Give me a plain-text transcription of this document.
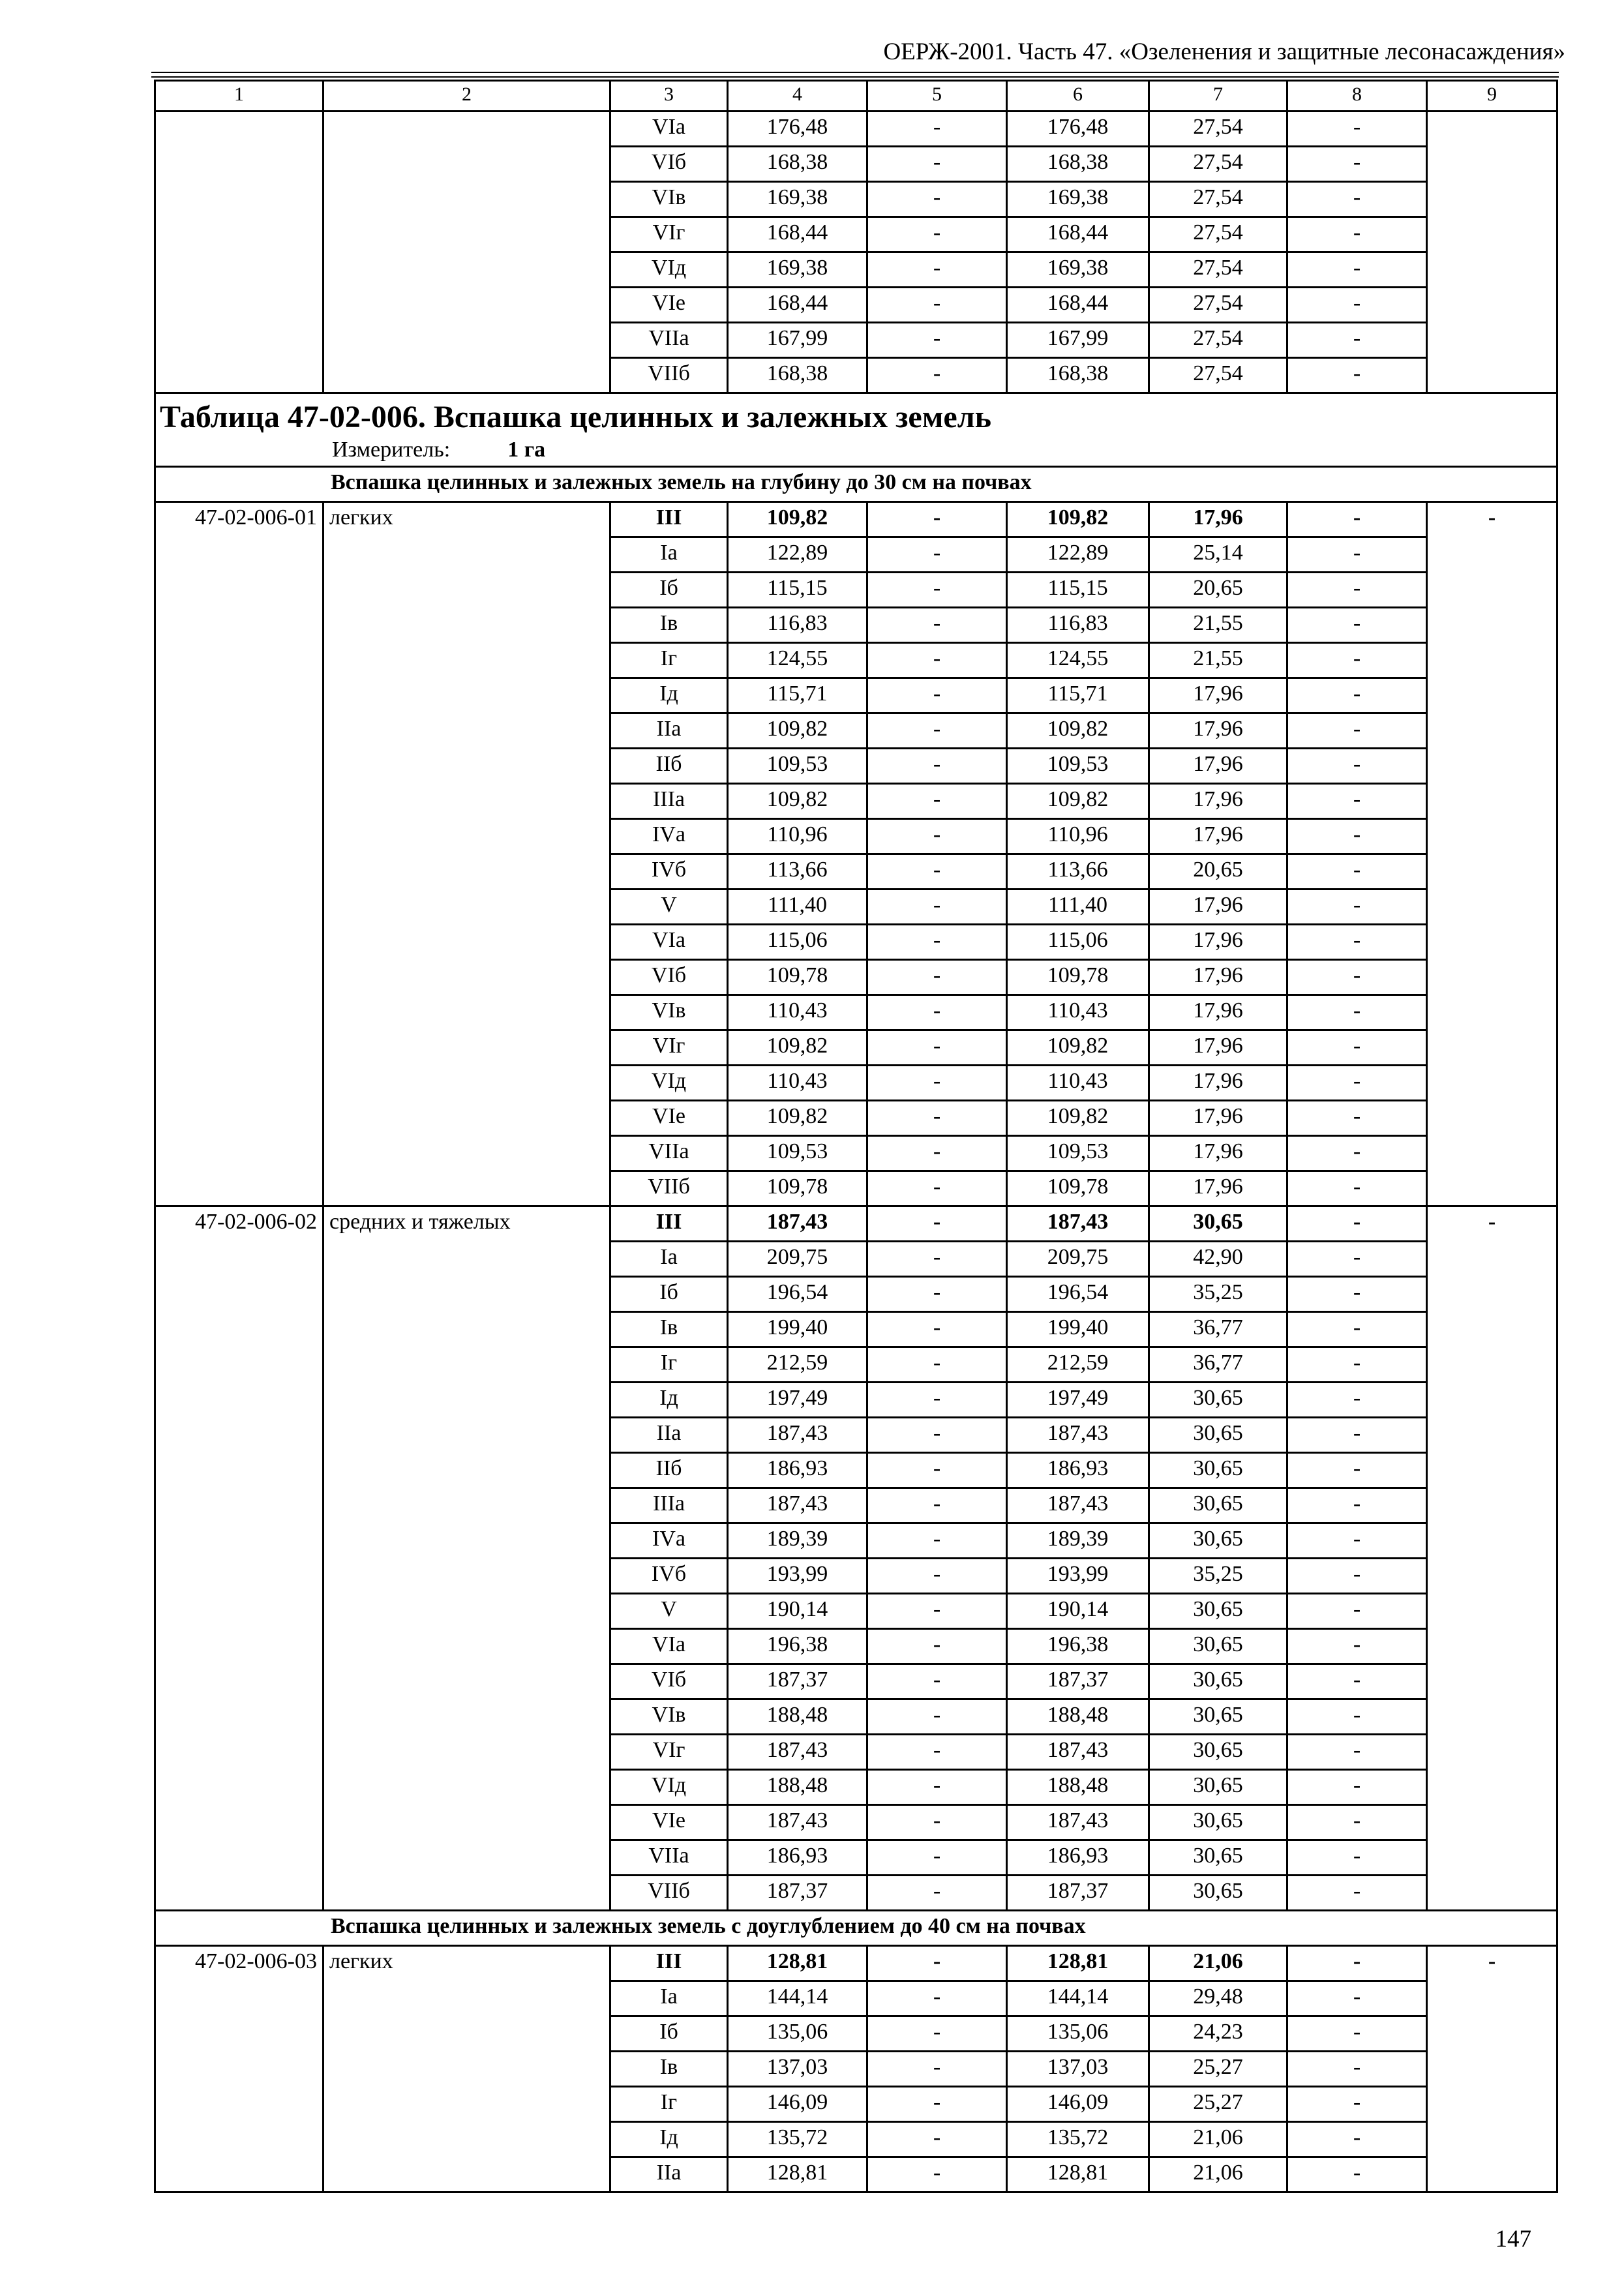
ОЕРЖ-2001. Часть 47. «Озеленения и защитные лесонасаждения»
1	2	3	4	5	6	7	8	9
		VIа	176,48	-	176,48	27,54	-	
		VIб	168,38	-	168,38	27,54	-	
		VIв	169,38	-	169,38	27,54	-	
		VIг	168,44	-	168,44	27,54	-	
		VIд	169,38	-	169,38	27,54	-	
		VIе	168,44	-	168,44	27,54	-	
		VIIа	167,99	-	167,99	27,54	-	
		VIIб	168,38	-	168,38	27,54	-	

Таблица 47-02-006. Вспашка целинных и залежных земель
Измеритель: 1 га								

Вспашка целинных и залежных земель на глубину до 30 см на почвах								
47-02-006-01	легких	III	109,82	-	109,82	17,96	-	-
		Iа	122,89	-	122,89	25,14	-	
		Iб	115,15	-	115,15	20,65	-	
		Iв	116,83	-	116,83	21,55	-	
		Iг	124,55	-	124,55	21,55	-	
		Iд	115,71	-	115,71	17,96	-	
		IIа	109,82	-	109,82	17,96	-	
		IIб	109,53	-	109,53	17,96	-	
		IIIа	109,82	-	109,82	17,96	-	
		IVа	110,96	-	110,96	17,96	-	
		IVб	113,66	-	113,66	20,65	-	
		V	111,40	-	111,40	17,96	-	
		VIа	115,06	-	115,06	17,96	-	
		VIб	109,78	-	109,78	17,96	-	
		VIв	110,43	-	110,43	17,96	-	
		VIг	109,82	-	109,82	17,96	-	
		VIд	110,43	-	110,43	17,96	-	
		VIе	109,82	-	109,82	17,96	-	
		VIIа	109,53	-	109,53	17,96	-	
		VIIб	109,78	-	109,78	17,96	-	
47-02-006-02	средних и тяжелых	III	187,43	-	187,43	30,65	-	-
		Iа	209,75	-	209,75	42,90	-	
		Iб	196,54	-	196,54	35,25	-	
		Iв	199,40	-	199,40	36,77	-	
		Iг	212,59	-	212,59	36,77	-	
		Iд	197,49	-	197,49	30,65	-	
		IIа	187,43	-	187,43	30,65	-	
		IIб	186,93	-	186,93	30,65	-	
		IIIа	187,43	-	187,43	30,65	-	
		IVа	189,39	-	189,39	30,65	-	
		IVб	193,99	-	193,99	35,25	-	
		V	190,14	-	190,14	30,65	-	
		VIа	196,38	-	196,38	30,65	-	
		VIб	187,37	-	187,37	30,65	-	
		VIв	188,48	-	188,48	30,65	-	
		VIг	187,43	-	187,43	30,65	-	
		VIд	188,48	-	188,48	30,65	-	
		VIе	187,43	-	187,43	30,65	-	
		VIIа	186,93	-	186,93	30,65	-	
		VIIб	187,37	-	187,37	30,65	-	
Вспашка целинных и залежных земель с доуглублением до 40 см на почвах								
47-02-006-03	легких	III	128,81	-	128,81	21,06	-	-
		Iа	144,14	-	144,14	29,48	-	
		Iб	135,06	-	135,06	24,23	-	
		Iв	137,03	-	137,03	25,27	-	
		Iг	146,09	-	146,09	25,27	-	
		Iд	135,72	-	135,72	21,06	-	
		IIа	128,81	-	128,81	21,06	-	
147
